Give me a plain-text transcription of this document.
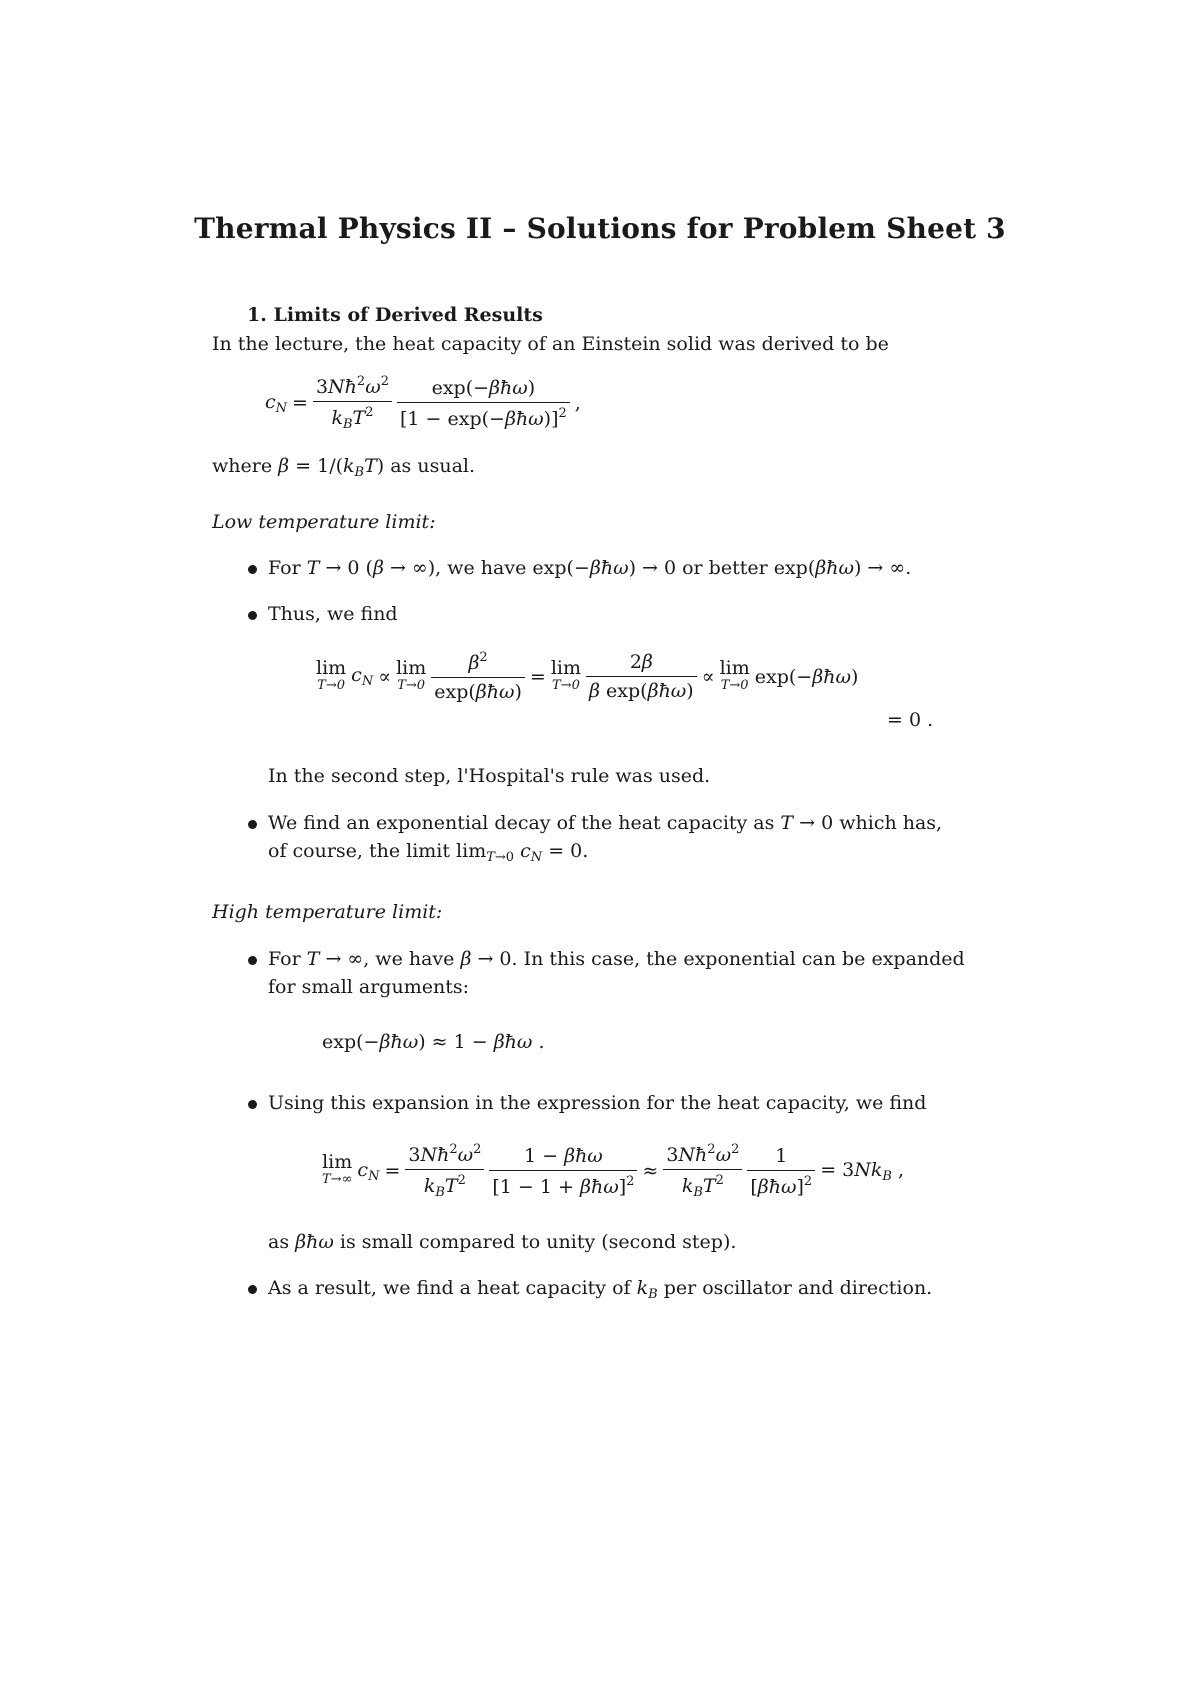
Thermal Physics II – Solutions for Problem Sheet 3
1. Limits of Derived Results
In the lecture, the heat capacity of an Einstein solid was derived to be
$c_N = \frac{3Nħ^2\omega^2}{k_BT^2} \frac{\text{exp(−βħω)}}{[1 - \exp(-\beta ħ\omega)]^2}$ ,
where $\beta = 1/(k_BT)$ as usual.
Low temperature limit:
For T → 0 (β → ∞), we have exp(−βħω) → 0 or better exp(βħω) → ∞.
Thus, we find
lim
T→0 $c_N \propto \lim$
$T\to 0 \frac{\beta^2}{\text{exp(βħω)}} = \lim$
$T\to 0 \frac{2\beta}{\text{β exp(βħω)}} \propto \lim$
T→0 exp(−βħω)
= 0 .
In the second step, l'Hospital's rule was used.
We find an exponential decay of the heat capacity as T → 0 which has,
of course, the limit $\lim_{T\to 0} c_N = 0$.
High temperature limit:
For T → ∞, we have β → 0. In this case, the exponential can be expanded
for small arguments:
exp(−βħω) ≈ 1 − βħω .
Using this expansion in the expression for the heat capacity, we find
lim
T→∞ $c_N = \frac{3Nħ^2\omega^2}{k_BT^2} \frac{\text{1 − βħω}}{[1 - 1 + \beta ħ\omega]^2} \approx \frac{3Nħ^2\omega^2}{k_BT^2} \frac{1}{[\beta ħ\omega]^2} = 3Nk_B$ ,
as βħω is small compared to unity (second step).
As a result, we find a heat capacity of $k_B$ per oscillator and direction.
